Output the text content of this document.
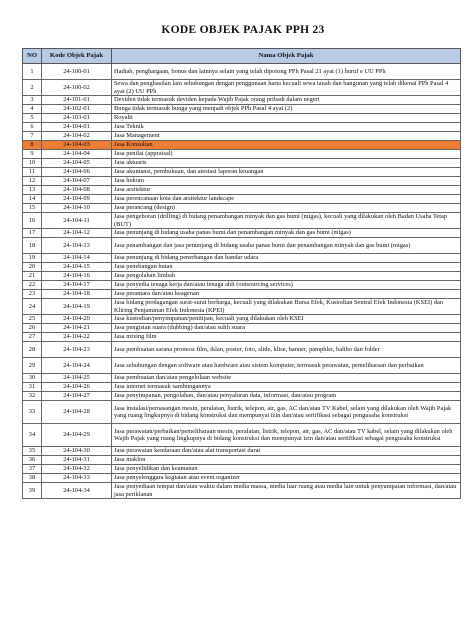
KODE OBJEK PAJAK PPH 23
NO	Kode Objek Pajak	Nama Objek Pajak
1	24-100-01	Hadiah, penghargaan, bonus dan lainnya selain yang telah dipotong PPh Pasal 21 ayat (1) huruf e UU PPh
2	24-100-02	Sewa dan penghasilan lain sehubungan dengan penggunaan harta kecuali sewa tanah dan bangunan yang telah dikenai PPh Pasal 4 ayat (2) UU PPh
3	24-101-01	Deviden tidak termasuk deviden kepada Wajib Pajak orang pribadi dalam negeri
4	24-102-01	Bunga tidak termasuk bunga yang menjadi objek PPh Pasal 4 ayat (2)
5	24-103-01	Royalti
6	24-104-01	Jasa Teknik
7	24-104-02	Jasa Management
8	24-104-03	Jasa Konsultan
9	24-104-04	Jasa penilai (appraisal)
10	24-104-05	Jasa aktuaris
11	24-104-06	Jasa akuntansi, pembukuan, dan atestasi laporan keuangan
12	24-104-07	Jasa hukum
13	24-104-08	Jasa arsitektur
14	24-104-09	Jasa perencanaan kota dan arsitektur landscape
15	24-104-10	Jasa perancang (design)
16	24-104-11	Jasa pengeboran (drilling) di bidang penambangan minyak dan gas bumi (migas), kecuali yang dilakukan oleh Badan Usaha Tetap (BUT)
17	24-104-12	Jasa penunjang di bidang usaha panas bumi dan penambangan minyak dan gas bumi (migas)
18	24-104-13	Jasa penambangan dan jasa penunjang di bidang usaha panas bumi dan penambangan minyak dan gas bumi (migas)
19	24-104-14	Jasa penunjang di bidang penerbangan dan bandar udara
20	24-104-15	Jasa penebangan hutan
21	24-104-16	Jasa pengolahan limbah
22	24-104-17	Jasa penyedia tenaga kerja dan/atau tenaga ahli (outsourcing services)
23	24-104-18	Jasa perantara dan/atau keagenan
24	24-104-19	Jasa bidang perdagangan surat-surat berharga, kecuali yang dilakukan Bursa Efek, Kustodian Sentral Efek Indonesia (KSEI) dan Kliring Penjaminan Efek Indonesia (KPEI)
25	24-104-20	Jasa kustodian/penyimpanan/penitipan, kecuali yang dilakukan oleh KSEI
26	24-104-21	Jasa pengisian suara (dubbing) dan/atau sulih suara
27	24-104-22	Jasa mixing film
28	24-104-23	Jasa pembuatan sarana promosi film, iklan, poster, foto, slide, klise, banner, pamphlet, baliho dan folder
29	24-104-24	Jasa sehubungan dengan software atau hardware atau sistem komputer, termasuk perawatan, pemeliharaan dan perbaikan
30	24-104-25	Jasa pembuatan dan/atau pengelolaan website
31	24-104-26	Jasa internet termasuk sambungannya
32	24-104-27	Jasa penyimpanan, pengolahan, dan/atau penyaluran data, informasi, dan/atau program
33	24-104-28	Jasa instalasi/pemasangan mesin, peralatan, listrik, telepon, air, gas, AC dan/atau TV Kabel, selain yang dilakukan oleh Wajib Pajak yang ruang lingkupnya di bidang konstruksi dan mempunyai izin dan/atau sertifikasi sebagai pengusaha konstruksi
34	24-104-29	Jasa perawatan/perbaikan/pemeliharaan mesin, peralatan, listrik, telepon, air, gas, AC dan/atau TV kabel, selain yang dilakukan oleh Wajib Pajak yang ruang lingkupnya di bidang konstruksi dan mempunyai izin dan/atau sertifikasi sebagai pengusaha konstruksi
35	24-104-30	Jasa perawatan kendaraan dan/atau alat transportasi darat
36	24-104-31	Jasa maklon
37	24-104-32	Jasa penyelidikan dan keamanan
38	24-104-33	Jasa penyelenggara kegiatan atau event organizer
39	24-104-34	Jasa penyediaan tempat dan/atau waktu dalam media massa, media luar ruang atau media lain untuk penyampaian informasi, dan/atau jasa periklanan
